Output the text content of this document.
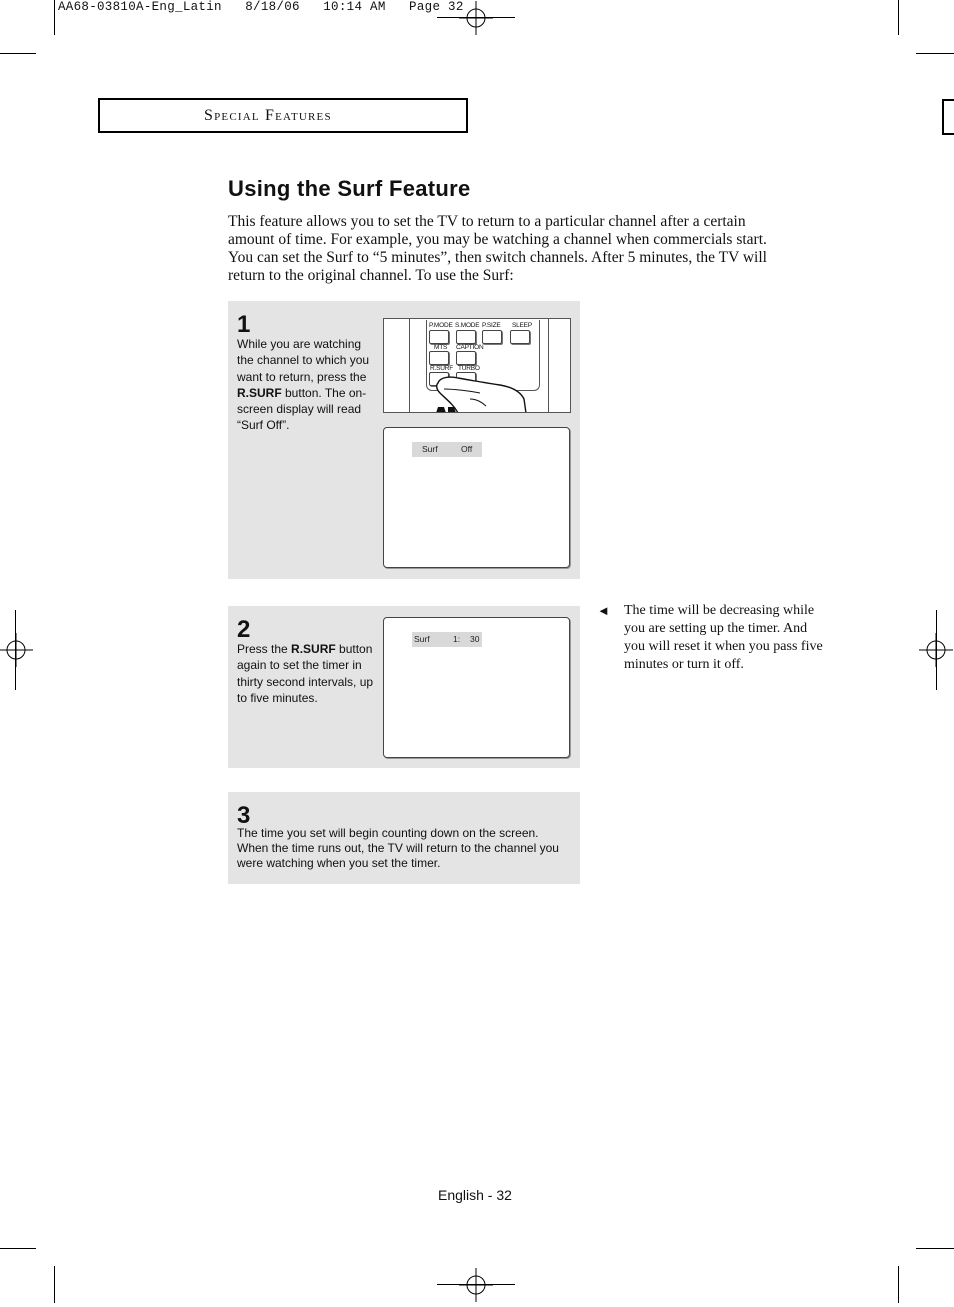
AA68-03810A-Eng_Latin   8/18/06   10:14 AM   Page 32
Special Features
Using the Surf Feature
This feature allows you to set the TV to return to a particular channel after a certain amount of time. For example, you may be watching a channel when commercials start. You can set the Surf to “5 minutes”, then switch channels. After 5 minutes, the TV will return to the original channel. To use the Surf:
1
While you are watching the channel to which you want to return, press the R.SURF button. The on-screen display will read “Surf Off”.
P.MODE S.MODE P.SIZE SLEEP
MTS CAPTION
R.SURF TURBO
Surf	Off
2
Press the R.SURF button again to set the timer in thirty second intervals, up to five minutes.
Surf	1: 30
3
The time you set will begin counting down on the screen. When the time runs out, the TV will return to the channel you were watching when you set the timer.
◄ The time will be decreasing while you are setting up the timer. And you will reset it when you pass five minutes or turn it off.
English - 32
